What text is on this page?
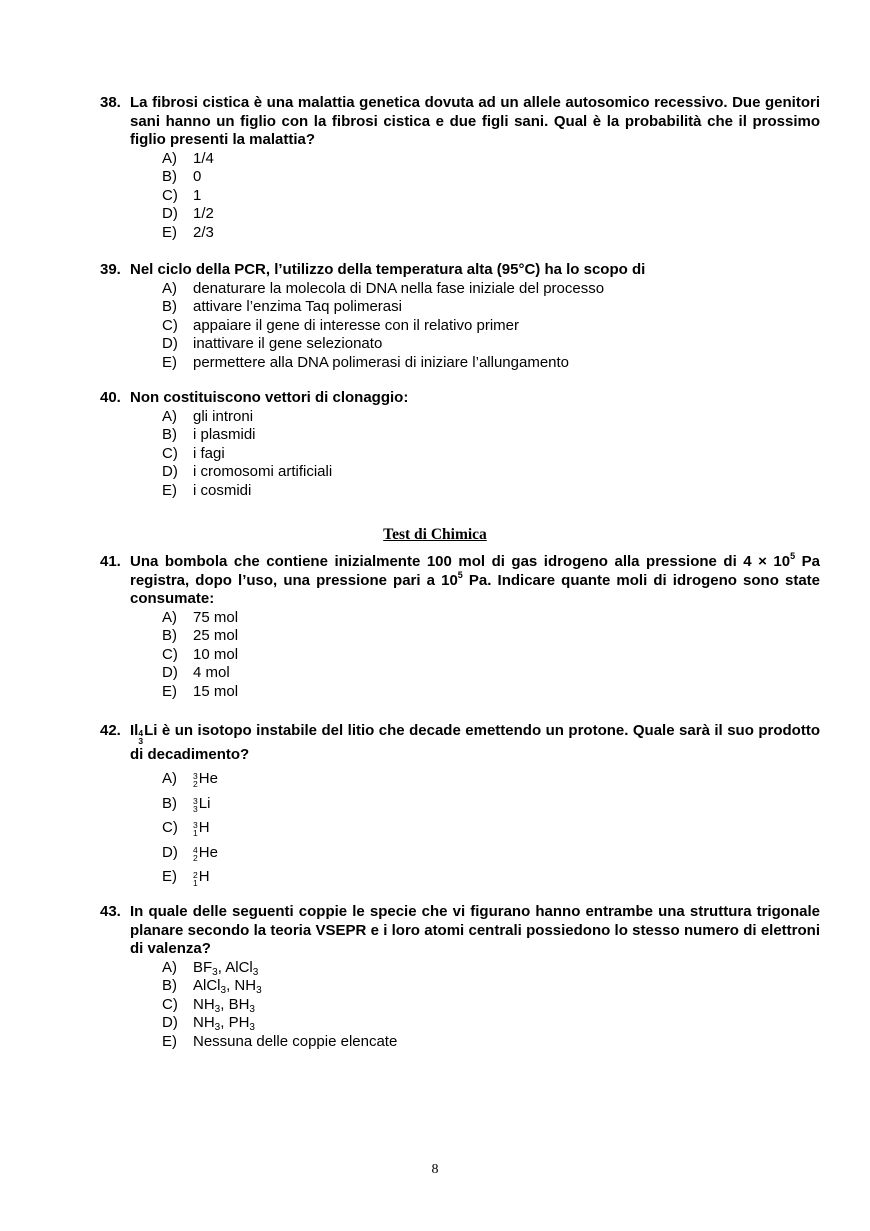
38. La fibrosi cistica è una malattia genetica dovuta ad un allele autosomico recessivo. Due genitori sani hanno un figlio con la fibrosi cistica e due figli sani. Qual è la probabilità che il prossimo figlio presenti la malattia?
A)	1/4
B)	0
C)	1
D)	1/2
E)	2/3
39. Nel ciclo della PCR, l’utilizzo della temperatura alta (95°C) ha lo scopo di
A)	denaturare la molecola di DNA nella fase iniziale del processo
B)	attivare l’enzima Taq polimerasi
C)	appaiare il gene di interesse con il relativo primer
D)	inattivare il gene selezionato
E)	permettere alla DNA polimerasi di iniziare l’allungamento
40. Non costituiscono vettori di clonaggio:
A)	gli introni
B)	i plasmidi
C)	i fagi
D)	i cromosomi artificiali
E)	i cosmidi
Test di Chimica
41. Una bombola che contiene inizialmente 100 mol di gas idrogeno alla pressione di $4 \times 10^5$ Pa registra, dopo l’uso, una pressione pari a $10^5$ Pa. Indicare quante moli di idrogeno sono state consumate:
A)	75 mol
B)	25 mol
C)	10 mol
D)	4 mol
E)	15 mol
42. Il 4
3
Li è un isotopo instabile del litio che decade emettendo un protone. Quale sarà il suo prodotto di decadimento?
A)	3
2 He
B)	3
3 Li
C)	3
1 H
D)	4
2 He
E)	2
1 H
43. In quale delle seguenti coppie le specie che vi figurano hanno entrambe una struttura trigonale planare secondo la teoria VSEPR e i loro atomi centrali possiedono lo stesso numero di elettroni di valenza?
A)	$BF_3$, AlCl$_3$
B)	AlCl$_3$, $NH_3$
C)	$NH_3$, $BH_3$
D)	$NH_3$, $PH_3$
E)	Nessuna delle coppie elencate
8
